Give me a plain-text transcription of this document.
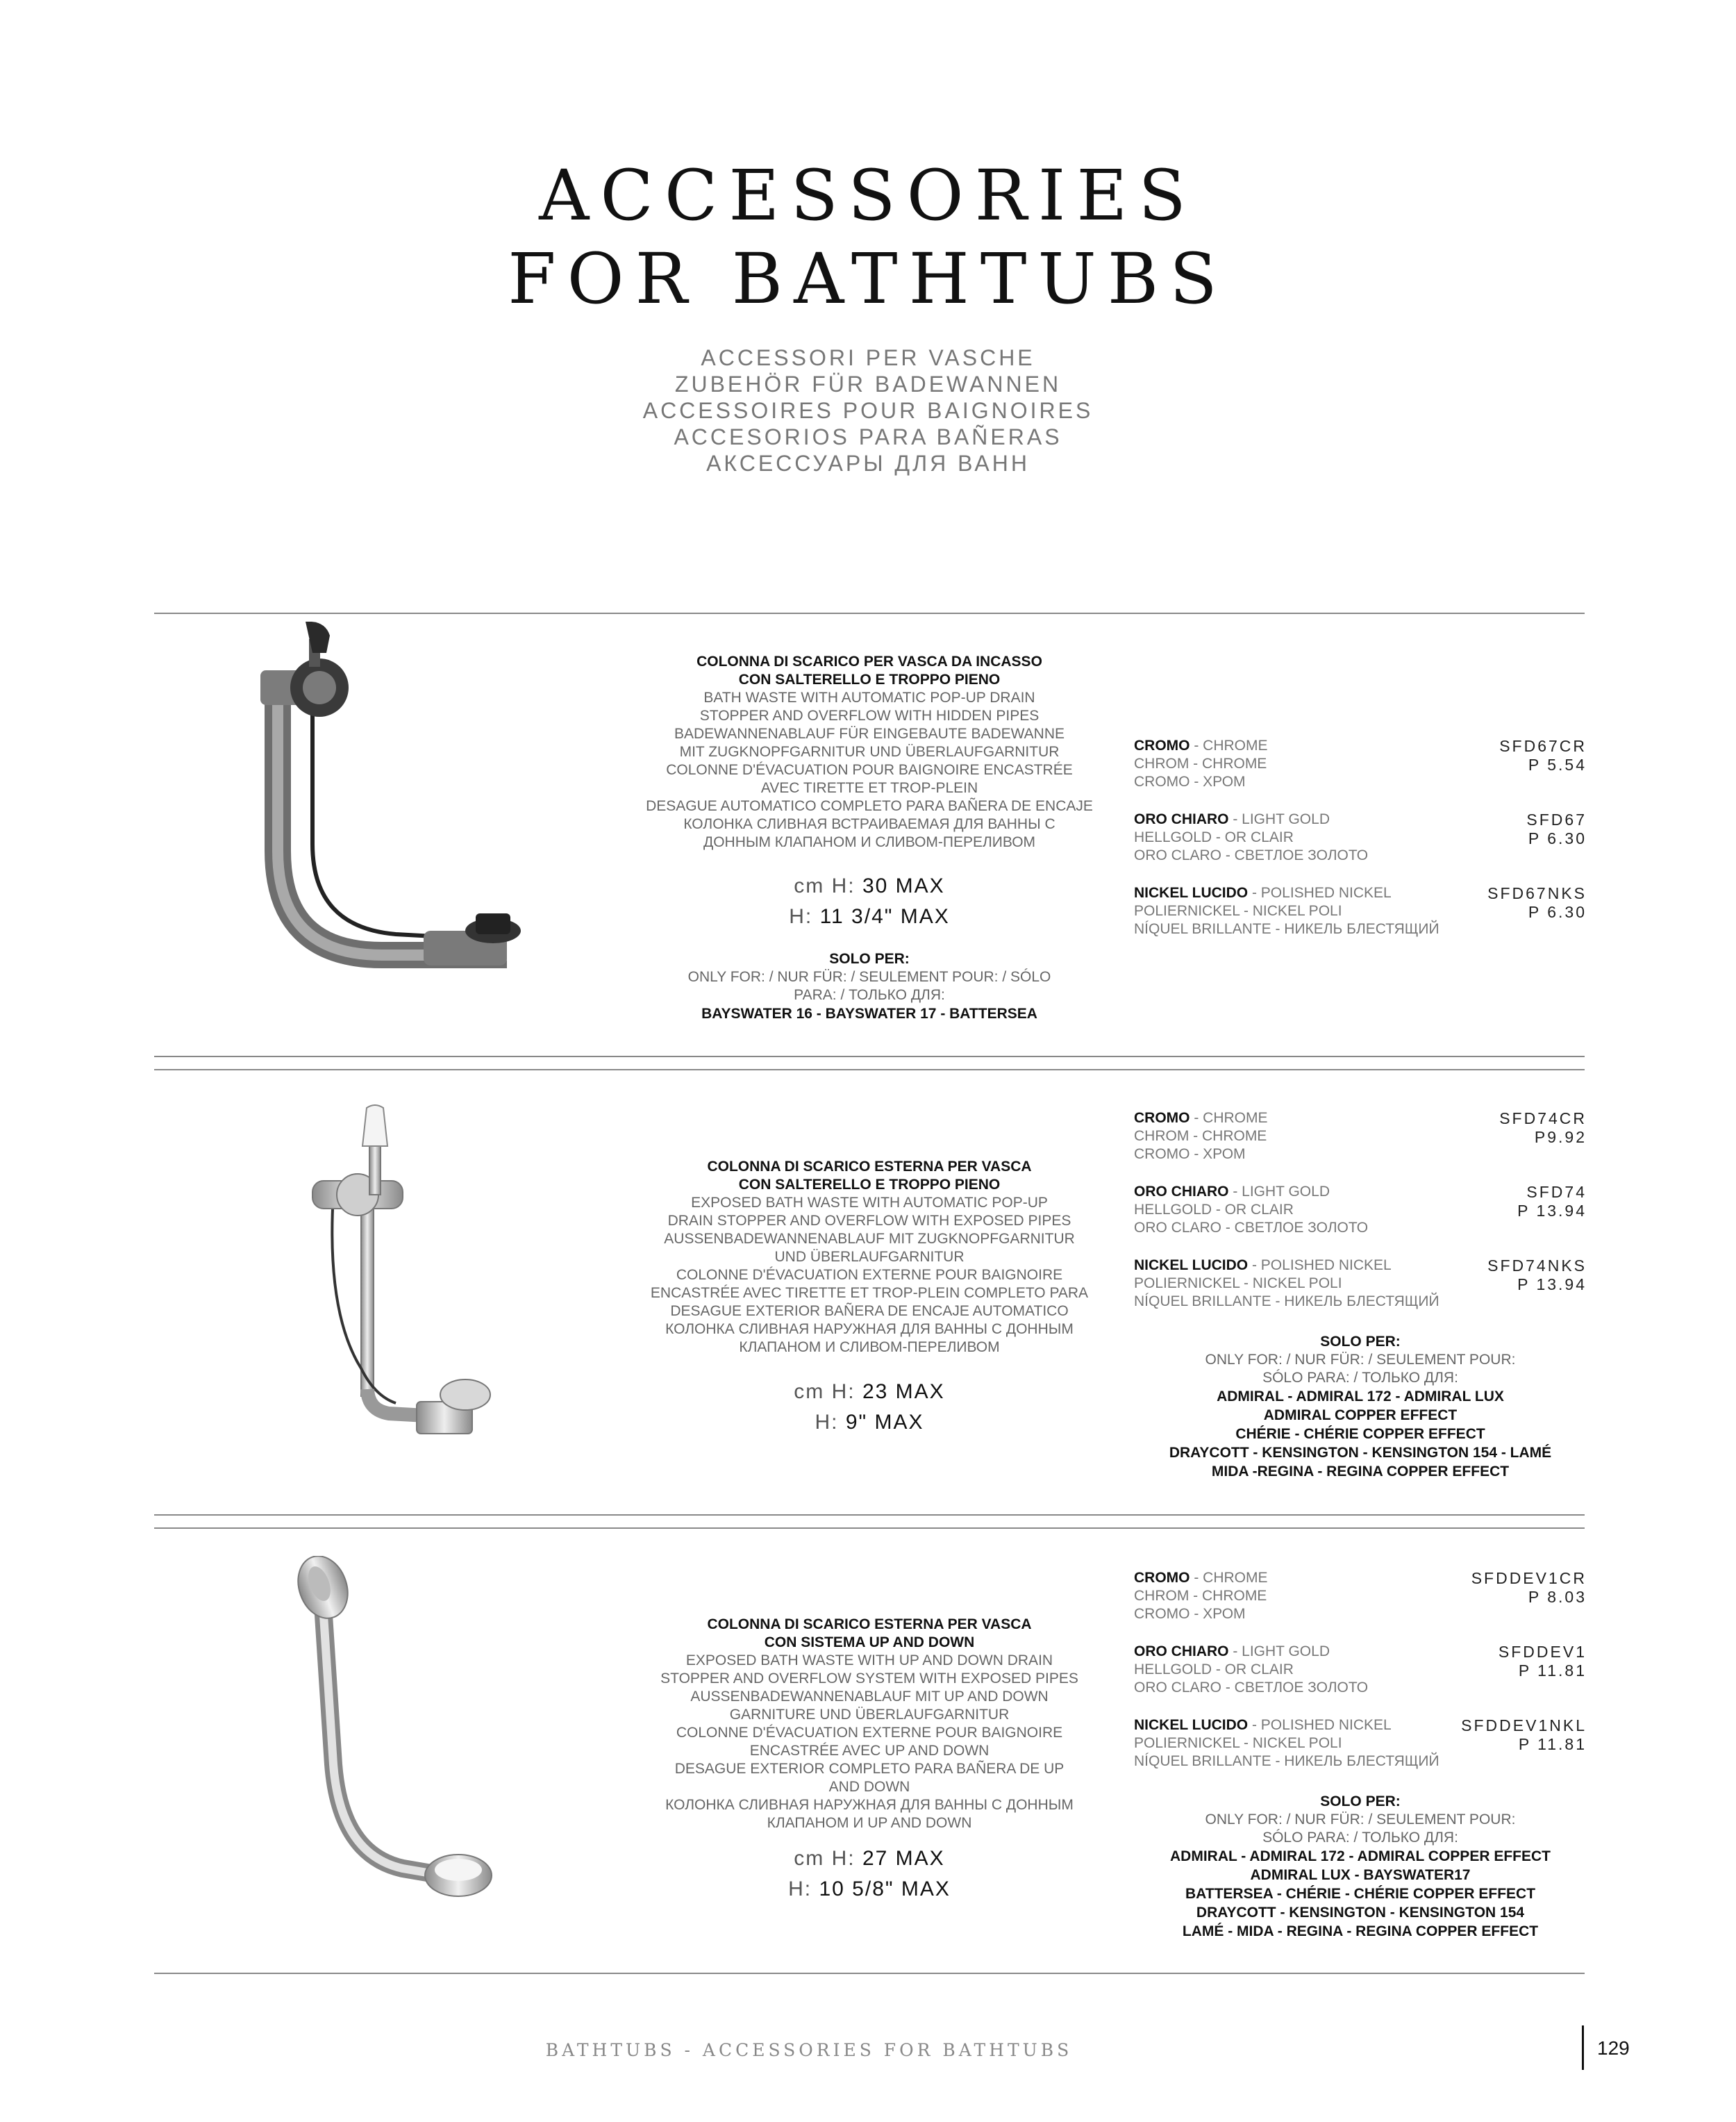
ACCESSORIES
FOR BATHTUBS
ACCESSORI PER VASCHE
ZUBEHÖR FÜR BADEWANNEN
ACCESSOIRES POUR BAIGNOIRES
ACCESORIOS PARA BAÑERAS
АКСЕССУАРЫ ДЛЯ ВАНН
COLONNA DI SCARICO PER VASCA DA INCASSO
CON SALTERELLO E TROPPO PIENO
BATH WASTE WITH AUTOMATIC POP-UP DRAIN
STOPPER AND OVERFLOW WITH HIDDEN PIPES
BADEWANNENABLAUF FÜR EINGEBAUTE BADEWANNE
MIT ZUGKNOPFGARNITUR UND ÜBERLAUFGARNITUR
COLONNE D'ÉVACUATION POUR BAIGNOIRE ENCASTRÉE
AVEC TIRETTE ET TROP-PLEIN
DESAGUE AUTOMATICO COMPLETO PARA BAÑERA DE ENCAJE
КОЛОНКА СЛИВНАЯ ВСТРАИВАЕМАЯ ДЛЯ ВАННЫ С
ДОННЫМ КЛАПАНОМ И СЛИВОМ-ПЕРЕЛИВОМ
cm H: 30 MAX
H: 11 3/4" MAX
SOLO PER:
ONLY FOR: / NUR FÜR: / SEULEMENT POUR: / SÓLO
PARA: / ТОЛЬКО ДЛЯ:
BAYSWATER 16 - BAYSWATER 17 - BATTERSEA
CROMO - CHROME
CHROM - CHROME
CROMO - ХРОМ
SFD67CR
P 5.54
ORO CHIARO - LIGHT GOLD
HELLGOLD - OR CLAIR
ORO CLARO - СВЕТЛОЕ ЗОЛОТО
SFD67
P 6.30
NICKEL LUCIDO - POLISHED NICKEL
POLIERNICKEL - NICKEL POLI
NÍQUEL BRILLANTE - НИКЕЛЬ БЛЕСТЯЩИЙ
SFD67NKS
P 6.30
COLONNA DI SCARICO ESTERNA PER VASCA
CON SALTERELLO E TROPPO PIENO
EXPOSED BATH WASTE WITH AUTOMATIC POP-UP
DRAIN STOPPER AND OVERFLOW WITH EXPOSED PIPES
AUSSENBADEWANNENABLAUF MIT ZUGKNOPFGARNITUR
UND ÜBERLAUFGARNITUR
COLONNE D'ÉVACUATION EXTERNE POUR BAIGNOIRE
ENCASTRÉE AVEC TIRETTE ET TROP-PLEIN COMPLETO PARA
DESAGUE EXTERIOR BAÑERA DE ENCAJE AUTOMATICO
КОЛОНКА СЛИВНАЯ НАРУЖНАЯ ДЛЯ ВАННЫ С ДОННЫМ
КЛАПАНОМ И СЛИВОМ-ПЕРЕЛИВОМ
cm H: 23 MAX
H: 9" MAX
CROMO - CHROME
CHROM - CHROME
CROMO - ХРОМ
SFD74CR
P9.92
ORO CHIARO - LIGHT GOLD
HELLGOLD - OR CLAIR
ORO CLARO - СВЕТЛОЕ ЗОЛОТО
SFD74
P 13.94
NICKEL LUCIDO - POLISHED NICKEL
POLIERNICKEL - NICKEL POLI
NÍQUEL BRILLANTE - НИКЕЛЬ БЛЕСТЯЩИЙ
SFD74NKS
P 13.94
SOLO PER:
ONLY FOR: / NUR FÜR: / SEULEMENT POUR:
SÓLO PARA: / ТОЛЬКО ДЛЯ:
ADMIRAL - ADMIRAL 172 - ADMIRAL LUX
ADMIRAL COPPER EFFECT
CHÉRIE - CHÉRIE COPPER EFFECT
DRAYCOTT - KENSINGTON - KENSINGTON 154 - LAMÉ
MIDA -REGINA - REGINA COPPER EFFECT
COLONNA DI SCARICO ESTERNA PER VASCA
CON SISTEMA UP AND DOWN
EXPOSED BATH WASTE WITH UP AND DOWN DRAIN
STOPPER AND OVERFLOW SYSTEM WITH EXPOSED PIPES
AUSSENBADEWANNENABLAUF MIT UP AND DOWN
GARNITURE UND ÜBERLAUFGARNITUR
COLONNE D'ÉVACUATION EXTERNE POUR BAIGNOIRE
ENCASTRÉE AVEC UP AND DOWN
DESAGUE EXTERIOR COMPLETO PARA BAÑERA DE UP
AND DOWN
КОЛОНКА СЛИВНАЯ НАРУЖНАЯ ДЛЯ ВАННЫ С ДОННЫМ
КЛАПАНОМ И UP AND DOWN
cm H: 27 MAX
H: 10 5/8" MAX
CROMO - CHROME
CHROM - CHROME
CROMO - ХРОМ
SFDDEV1CR
P 8.03
ORO CHIARO - LIGHT GOLD
HELLGOLD - OR CLAIR
ORO CLARO - СВЕТЛОЕ ЗОЛОТО
SFDDEV1
P 11.81
NICKEL LUCIDO - POLISHED NICKEL
POLIERNICKEL - NICKEL POLI
NÍQUEL BRILLANTE - НИКЕЛЬ БЛЕСТЯЩИЙ
SFDDEV1NKL
P 11.81
SOLO PER:
ONLY FOR: / NUR FÜR: / SEULEMENT POUR:
SÓLO PARA: / ТОЛЬКО ДЛЯ:
ADMIRAL - ADMIRAL 172 - ADMIRAL COPPER EFFECT
ADMIRAL LUX - BAYSWATER17
BATTERSEA - CHÉRIE - CHÉRIE COPPER EFFECT
DRAYCOTT - KENSINGTON - KENSINGTON 154
LAMÉ - MIDA - REGINA - REGINA COPPER EFFECT
BATHTUBS - ACCESSORIES FOR BATHTUBS	129
